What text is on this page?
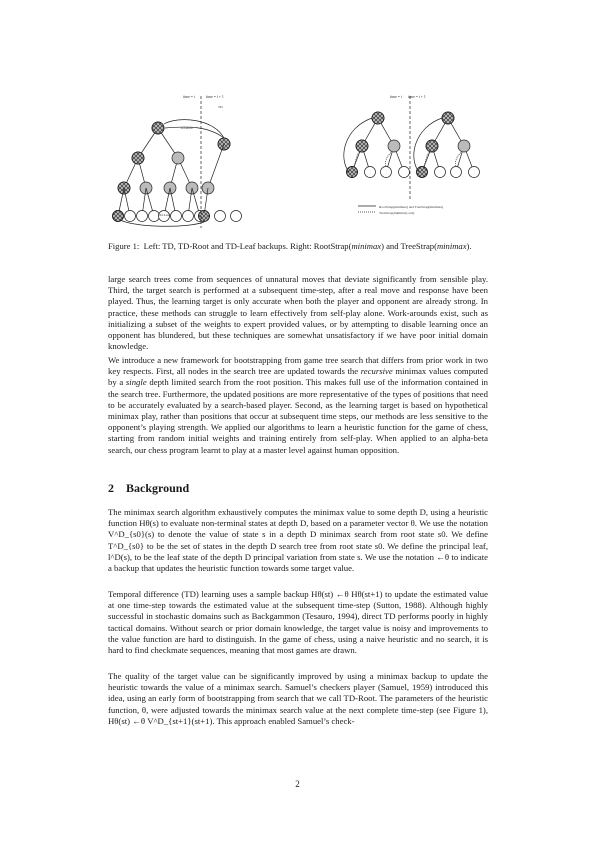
time = t	time = t + 1
TD
TD-Root
TD-Leaf
time = t time = t + 1
RootStrap(minimax) and TreeStrap(minimax)
TreeStrap(minimax) only
Figure 1: Left: TD, TD-Root and TD-Leaf backups. Right: RootStrap(minimax) and TreeStrap(minimax).

large search trees come from sequences of unnatural moves that deviate significantly from sensible play. Third, the target search is performed at a subsequent time-step, after a real move and response have been played. Thus, the learning target is only accurate when both the player and opponent are already strong. In practice, these methods can struggle to learn effectively from self-play alone. Work-arounds exist, such as initializing a subset of the weights to expert provided values, or by attempting to disable learning once an opponent has blundered, but these techniques are somewhat unsatisfactory if we have poor initial domain knowledge.

We introduce a new framework for bootstrapping from game tree search that differs from prior work in two key respects. First, all nodes in the search tree are updated towards the recursive minimax values computed by a single depth limited search from the root position. This makes full use of the information contained in the search tree. Furthermore, the updated positions are more representative of the types of positions that need to be accurately evaluated by a search-based player. Second, as the learning target is based on hypothetical minimax play, rather than positions that occur at subsequent time steps, our methods are less sensitive to the opponent’s playing strength. We applied our algorithms to learn a heuristic function for the game of chess, starting from random initial weights and training entirely from self-play. When applied to an alpha-beta search, our chess program learnt to play at a master level against human opposition.

2 Background

The minimax search algorithm exhaustively computes the minimax value to some depth D, using a heuristic function Hθ(s) to evaluate non-terminal states at depth D, based on a parameter vector θ. We use the notation V^D_{s0}(s) to denote the value of state s in a depth D minimax search from root state s0. We define T^D_{s0} to be the set of states in the depth D search tree from root state s0. We define the principal leaf, l^D(s), to be the leaf state of the depth D principal variation from state s. We use the notation ←θ to indicate a backup that updates the heuristic function towards some target value.

Temporal difference (TD) learning uses a sample backup Hθ(st) ←θ Hθ(st+1) to update the estimated value at one time-step towards the estimated value at the subsequent time-step (Sutton, 1988). Although highly successful in stochastic domains such as Backgammon (Tesauro, 1994), direct TD performs poorly in highly tactical domains. Without search or prior domain knowledge, the target value is noisy and improvements to the value function are hard to distinguish. In the game of chess, using a naive heuristic and no search, it is hard to find checkmate sequences, meaning that most games are drawn.

The quality of the target value can be significantly improved by using a minimax backup to update the heuristic towards the value of a minimax search. Samuel’s checkers player (Samuel, 1959) introduced this idea, using an early form of bootstrapping from search that we call TD-Root. The parameters of the heuristic function, θ, were adjusted towards the minimax search value at the next complete time-step (see Figure 1), Hθ(st) ←θ V^D_{st+1}(st+1). This approach enabled Samuel’s check-

2
